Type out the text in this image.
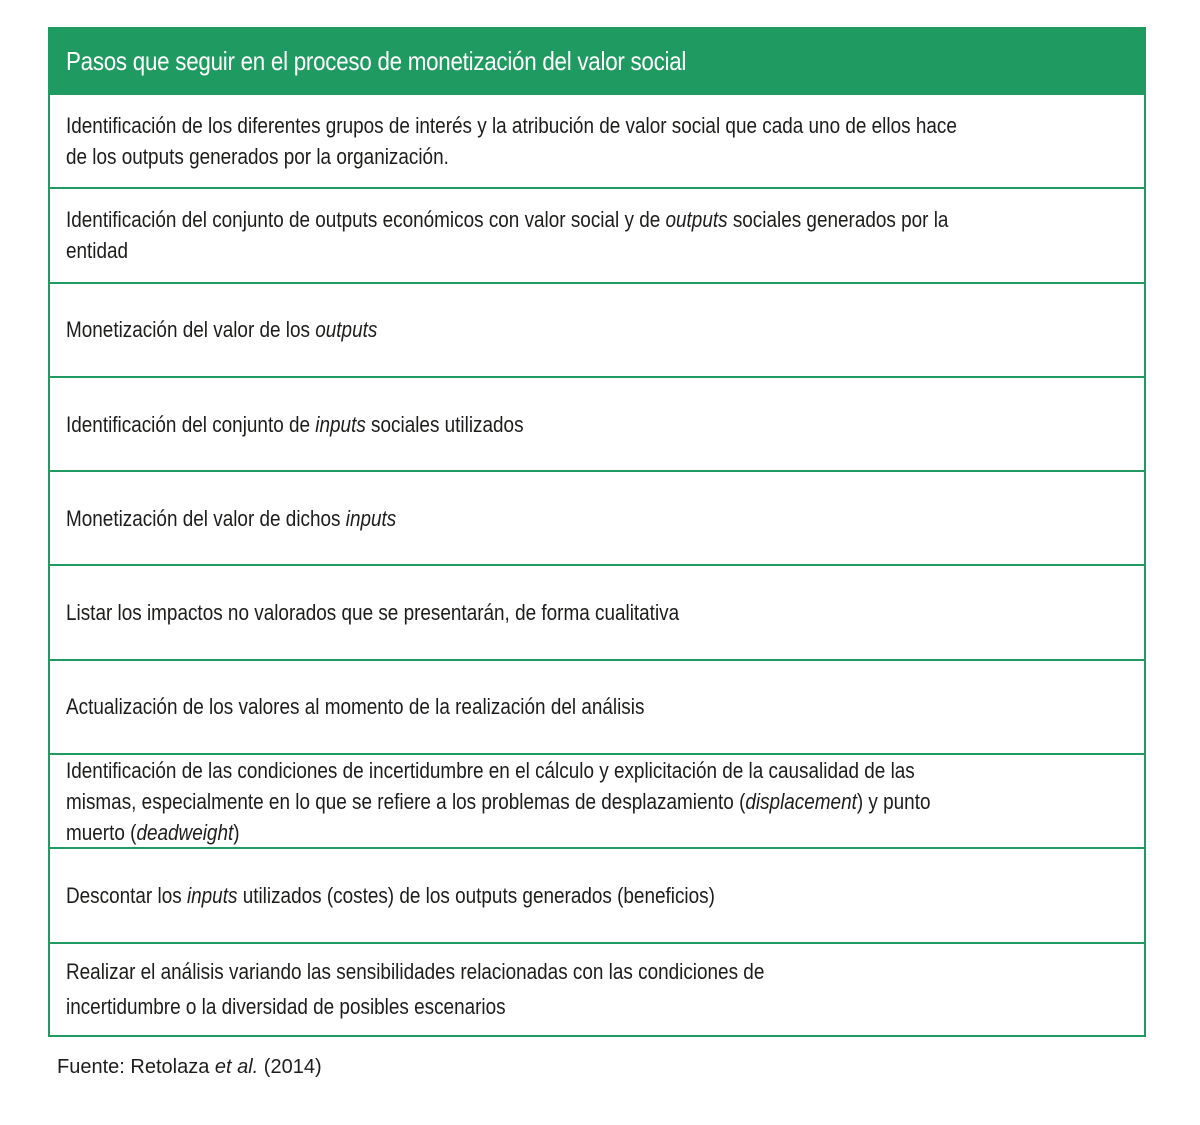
Pasos que seguir en el proceso de monetización del valor social
Identificación de los diferentes grupos de interés y la atribución de valor social que cada uno de ellos hace de los outputs generados por la organización.
Identificación del conjunto de outputs económicos con valor social y de outputs sociales generados por la entidad
Monetización del valor de los outputs
Identificación del conjunto de inputs sociales utilizados
Monetización del valor de dichos inputs
Listar los impactos no valorados que se presentarán, de forma cualitativa
Actualización de los valores al momento de la realización del análisis
Identificación de las condiciones de incertidumbre en el cálculo y explicitación de la causalidad de las mismas, especialmente en lo que se refiere a los problemas de desplazamiento (displacement) y punto muerto (deadweight)
Descontar los inputs utilizados (costes) de los outputs generados (beneficios)
Realizar el análisis variando las sensibilidades relacionadas con las condiciones de incertidumbre o la diversidad de posibles escenarios
Fuente: Retolaza et al. (2014)
